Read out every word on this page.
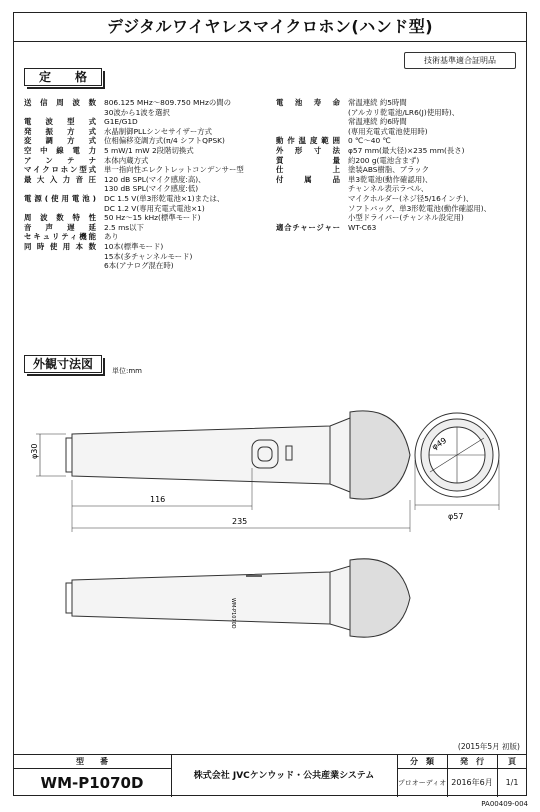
デジタルワイヤレスマイクロホン(ハンド型)
技術基準適合証明品
定　　格
送信周波数 806.125 MHz〜809.750 MHzの間の
30波から1波を選択
電波型式 G1E/G1D
発振方式 水晶制御PLLシンセサイザー方式
変調方式 位相偏移変調方式(π/4 シフトQPSK)
空中線電力 5 mW/1 mW 2段階切換式
アンテナ 本体内蔵方式
マイクロホン型式 単一指向性エレクトレットコンデンサー型
最大入力音圧 120 dB SPL(マイク感度:高)、
130 dB SPL(マイク感度:低)
電源(使用電池) DC 1.5 V(単3形乾電池×1)または、
DC 1.2 V(専用充電式電池×1)
周波数特性 50 Hz〜15 kHz(標準モード)
音声遅延 2.5 ms以下
セキュリティ機能 あり
同時使用本数 10本(標準モード)
15本(多チャンネルモード)
6本(アナログ混在時)
電池寿命 常温連続 約5時間
(アルカリ乾電池/LR6(J)使用時)、
常温連続 約6時間
(専用充電式電池使用時)
動作温度範囲 0 ℃〜40 ℃
外形寸法 φ57 mm(最大径)×235 mm(長さ)
質量 約200 g(電池含まず)
仕上 塗装ABS樹脂、ブラック
付属品 単3乾電池(動作確認用)、
チャンネル表示ラベル、
マイクホルダー(ネジ径5/16インチ)、
ソフトバッグ、単3形乾電池(動作確認用)、
小型ドライバー(チャンネル設定用)
適合チャージャー WT-C63
外観寸法図	単位:mm
φ30
116
235
φ57
φ49
WM-P1070D
(2015年5月 初版)
型　　番
WM-P1070D	株式会社 JVCケンウッド・公共産業システム
分　類
プロオーディオ
発　行
2016年6月
頁
1/1
PA00409-004
